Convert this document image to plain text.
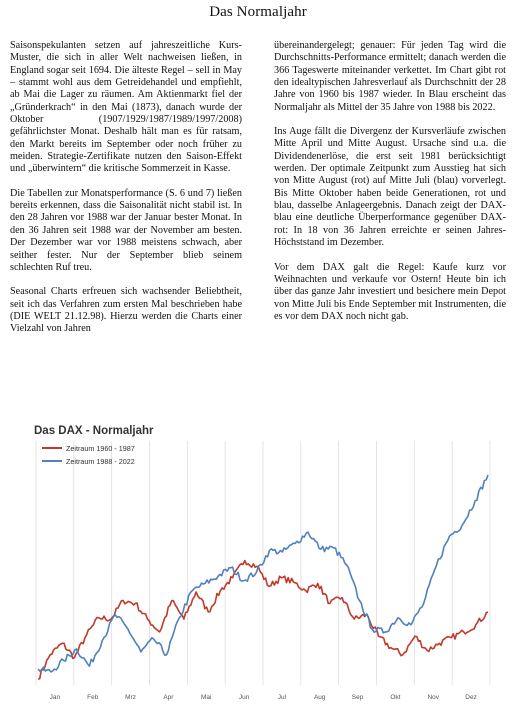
Das Normaljahr

Saisonspekulanten setzen auf jahreszeitliche Kurs-Muster, die sich in aller Welt nachweisen ließen, in England sogar seit 1694. Die älteste Regel – sell in May – stammt wohl aus dem Getreidehandel und empfiehlt, ab Mai die Lager zu räumen. Am Aktienmarkt fiel der „Gründerkrach“ in den Mai (1873), danach wurde der Oktober (1907/1929/1987/1989/1997/2008) gefährlichster Monat. Deshalb hält man es für ratsam, den Markt bereits im September oder noch früher zu meiden. Strategie-Zertifikate nutzen den Saison-Effekt und „überwintern“ die kritische Sommerzeit in Kasse.

Die Tabellen zur Monatsperformance (S. 6 und 7) ließen bereits erkennen, dass die Saisonalität nicht stabil ist. In den 28 Jahren vor 1988 war der Januar bester Monat. In den 36 Jahren seit 1988 war der November am besten. Der Dezember war vor 1988 meistens schwach, aber seither fester. Nur der September blieb seinem schlechten Ruf treu.

Seasonal Charts erfreuen sich wachsender Beliebtheit, seit ich das Verfahren zum ersten Mal beschrieben habe (DIE WELT 21.12.98). Hierzu werden die Charts einer Vielzahl von Jahren

übereinandergelegt; genauer: Für jeden Tag wird die Durchschnitts-Performance ermittelt; danach werden die 366 Tageswerte miteinander verkettet. Im Chart gibt rot den idealtypischen Jahresverlauf als Durchschnitt der 28 Jahre von 1960 bis 1987 wieder. In Blau erscheint das Normaljahr als Mittel der 35 Jahre von 1988 bis 2022.

Ins Auge fällt die Divergenz der Kursverläufe zwischen Mitte April und Mitte August. Ursache sind u.a. die Dividendenerlöse, die erst seit 1981 berücksichtigt werden. Der optimale Zeitpunkt zum Ausstieg hat sich von Mitte August (rot) auf Mitte Juli (blau) vorverlegt. Bis Mitte Oktober haben beide Generationen, rot und blau, dasselbe Anlageergebnis. Danach zeigt der DAX-blau eine deutliche Überperformance gegenüber DAX-rot: In 18 von 36 Jahren erreichte er seinen Jahres-Höchststand im Dezember.

Vor dem DAX galt die Regel: Kaufe kurz vor Weihnachten und verkaufe vor Ostern! Heute bin ich über das ganze Jahr investiert und besichere mein Depot von Mitte Juli bis Ende September mit Instrumenten, die es vor dem DAX noch nicht gab.

Das DAX - Normaljahr
Zeitraum 1960 - 1987
Zeitraum 1988 - 2022
Jan	Feb	Mrz	Apr	Mai	Jun	Jul	Aug	Sep	Okt	Nov	Dez
